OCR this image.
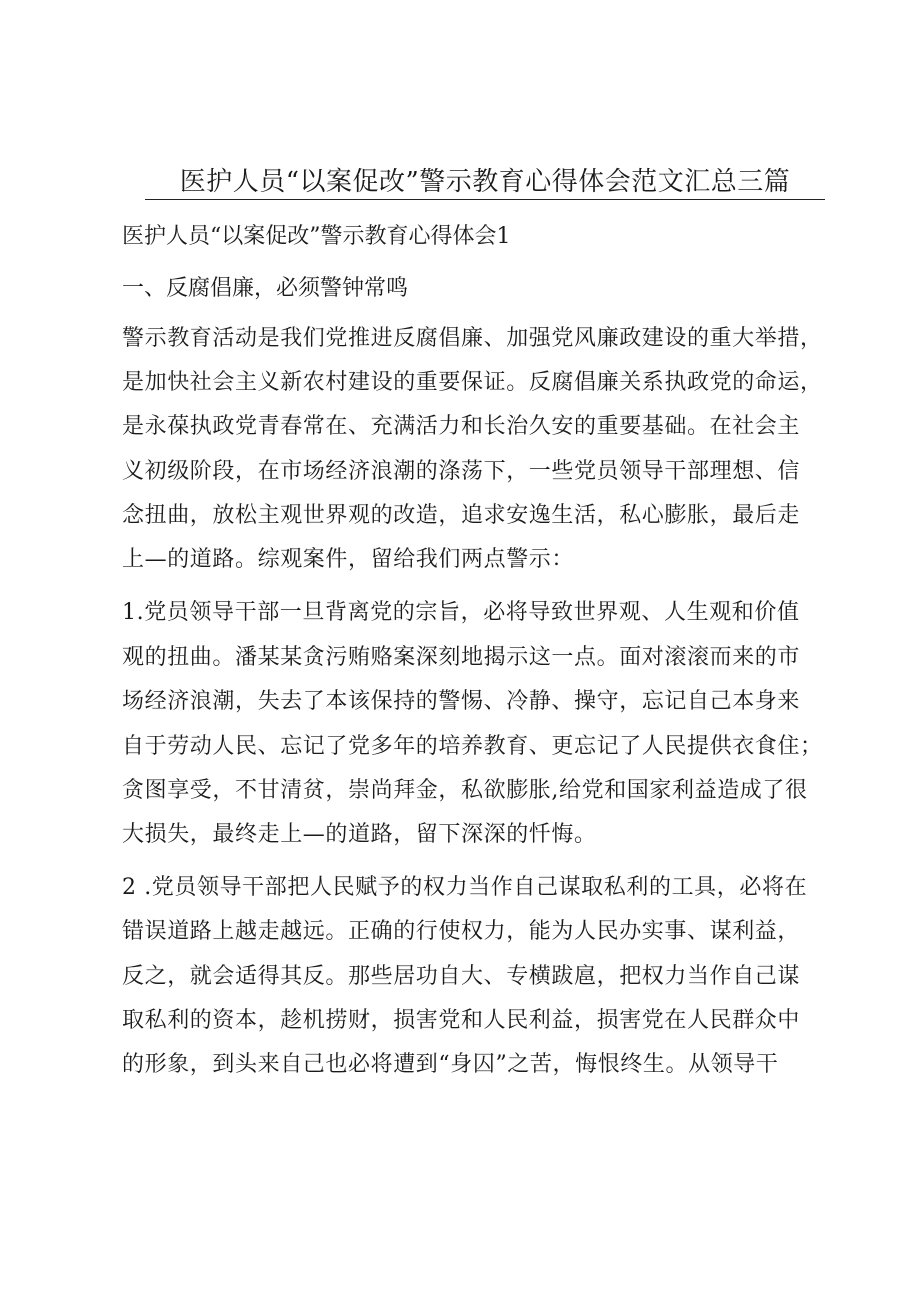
医护人员“以案促改”警示教育心得体会范文汇总三篇
医护人员“以案促改”警示教育心得体会1
一、反腐倡廉，必须警钟常鸣
警示教育活动是我们党推进反腐倡廉、加强党风廉政建设的重大举措，
是加快社会主义新农村建设的重要保证。反腐倡廉关系执政党的命运，
是永葆执政党青春常在、充满活力和长治久安的重要基础。在社会主
义初级阶段，在市场经济浪潮的涤荡下，一些党员领导干部理想、信
念扭曲，放松主观世界观的改造，追求安逸生活，私心膨胀，最后走
上—的道路。综观案件，留给我们两点警示：
1.党员领导干部一旦背离党的宗旨，必将导致世界观、人生观和价值
观的扭曲。潘某某贪污贿赂案深刻地揭示这一点。面对滚滚而来的市
场经济浪潮，失去了本该保持的警惕、冷静、操守，忘记自己本身来
自于劳动人民、忘记了党多年的培养教育、更忘记了人民提供衣食住；
贪图享受，不甘清贫，崇尚拜金，私欲膨胀,给党和国家利益造成了很
大损失，最终走上—的道路，留下深深的忏悔。
2 .党员领导干部把人民赋予的权力当作自己谋取私利的工具，必将在
错误道路上越走越远。正确的行使权力，能为人民办实事、谋利益，
反之，就会适得其反。那些居功自大、专横跋扈，把权力当作自己谋
取私利的资本，趁机捞财，损害党和人民利益，损害党在人民群众中
的形象，到头来自己也必将遭到“身囚”之苦，悔恨终生。从领导干
